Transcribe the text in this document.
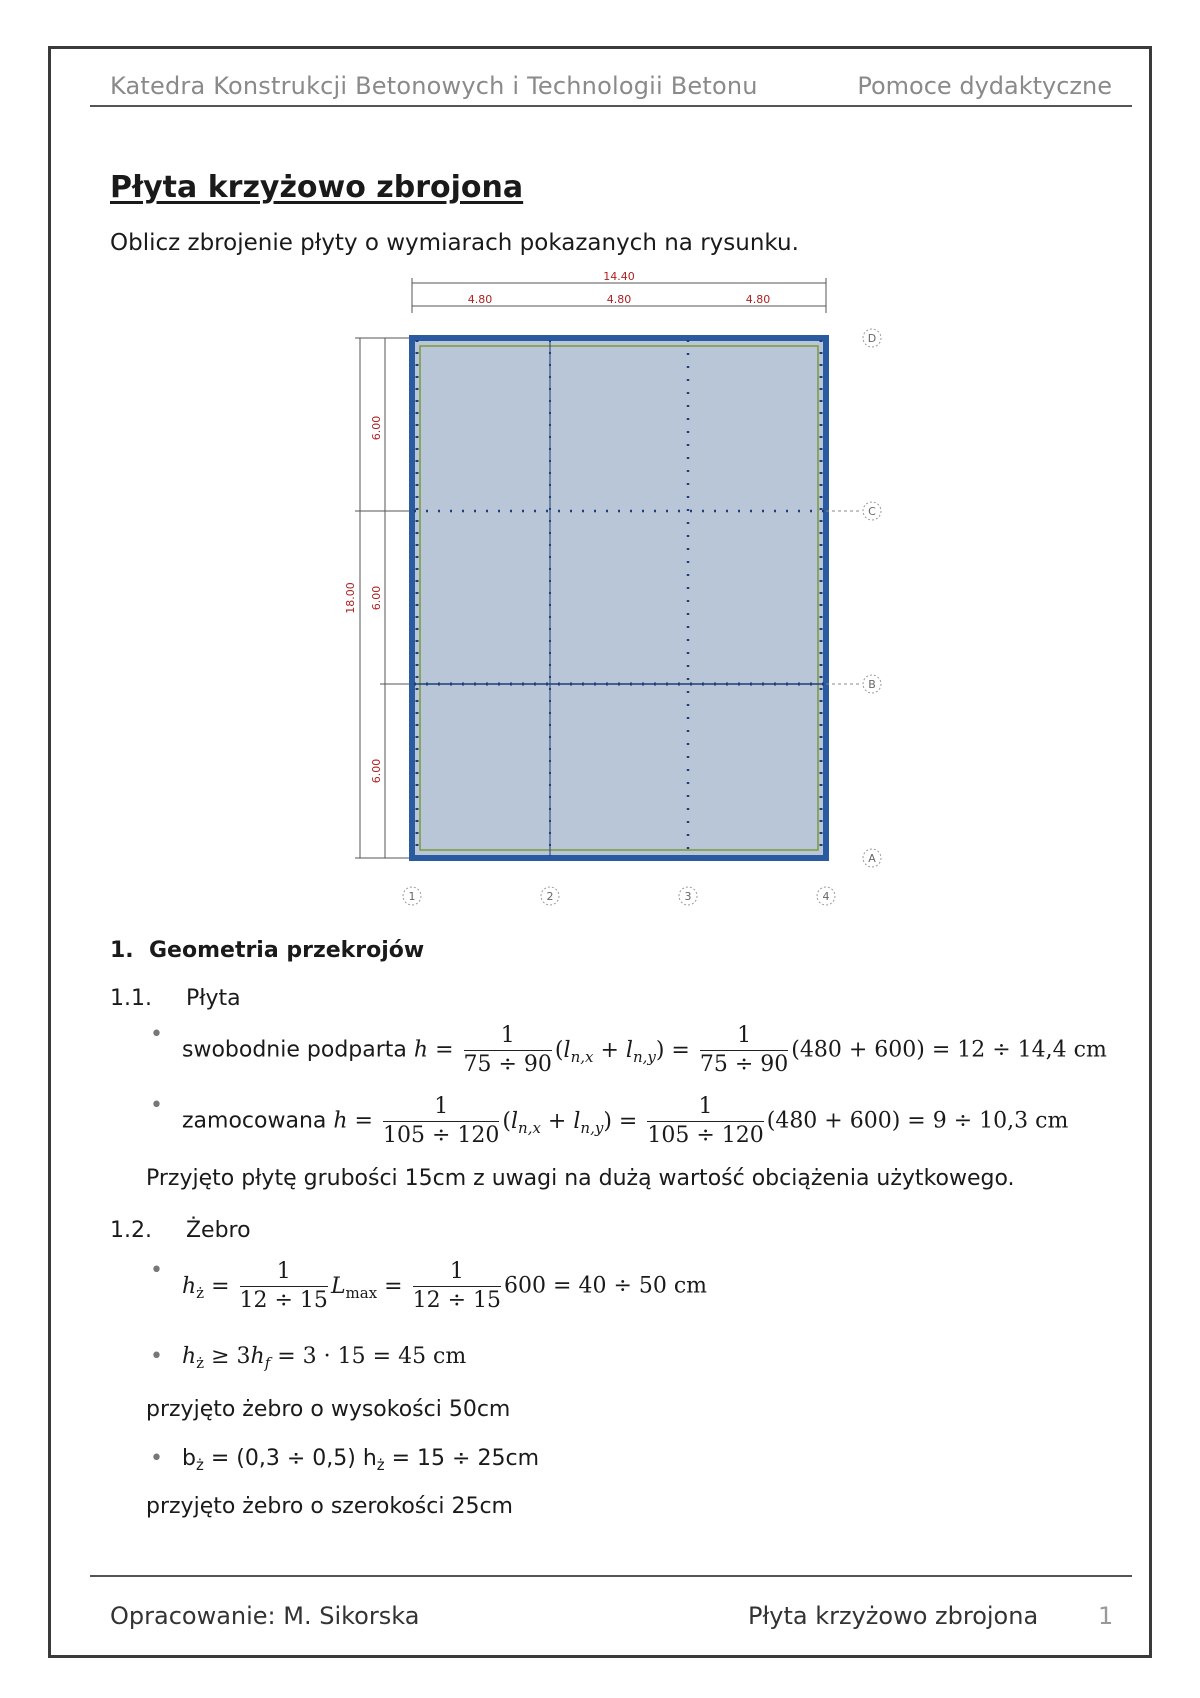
Katedra Konstrukcji Betonowych i Technologii Betonu	Pomoce dydaktyczne
Płyta krzyżowo zbrojona
Oblicz zbrojenie płyty o wymiarach pokazanych na rysunku.
14.40
4.80	4.80	4.80
6.00
6.00
6.00
18.00
D
C
B
A
1	2	3	4
1. Geometria przekrojów
1.1. Płyta
•
swobodnie podparta $h = \frac{1}{75 \div 90} (l_{n,x} + l_{n,y}) = \frac{1}{75 \div 90} (480 + 600) = 12 \div 14,4$ cm
•
zamocowana $h = \frac{1}{105 \div 120} (l_{n,x} + l_{n,y}) = \frac{1}{105 \div 120} (480 + 600) = 9 \div 10,3$ cm
Przyjęto płytę grubości 15cm z uwagi na dużą wartość obciążenia użytkowego.
1.2. Żebro
•
$h_ż = \frac{1}{12 \div 15} L_{max} = \frac{1}{12 \div 15} 600 = 40 \div 50$ cm
• $h_ż \ge 3h_f = 3 \cdot 15 = 45$ cm
przyjęto żebro o wysokości 50cm
• $b_ż = (0,3 \div 0,5) h_ż = 15 \div 25cm$
przyjęto żebro o szerokości 25cm
Opracowanie: M. Sikorska	Płyta krzyżowo zbrojona 1
